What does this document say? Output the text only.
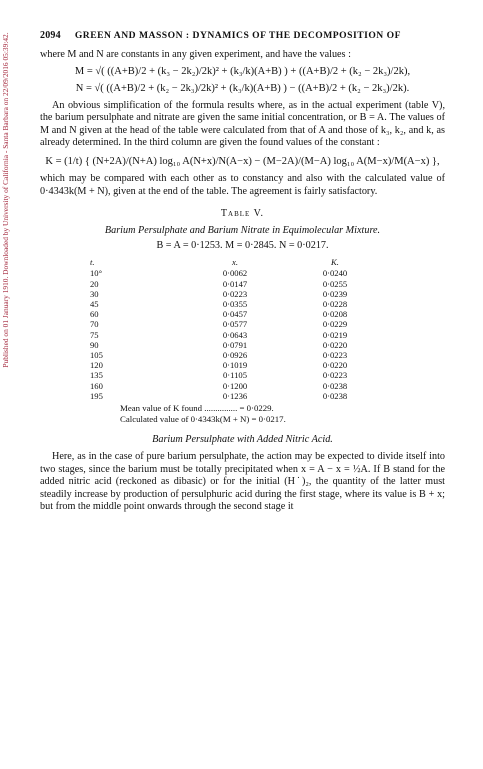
Published on 01 January 1910. Downloaded by University of California - Santa Barbara on 22/09/2016 05:39:42.	2094 GREEN AND MASSON : DYNAMICS OF THE DECOMPOSITION OF

where M and N are constants in any given experiment, and have the values :

M = √( ((A+B)/2 + (k₃ − 2k₂)/2k)² + (k₃/k)(A+B) ) + ((A+B)/2 + (k₂ − 2k₃)/2k),
N = √( ((A+B)/2 + (k₂ − 2k₃)/2k)² + (k₃/k)(A+B) ) − ((A+B)/2 + (k₂ − 2k₃)/2k).

An obvious simplification of the formula results where, as in the actual experiment (table V), the barium persulphate and nitrate are given the same initial concentration, or B = A. The values of M and N given at the head of the table were calculated from that of A and those of k₃, k₂, and k, as already determined. In the third column are given the found values of the constant :

K = (1/t) { (N+2A)/(N+A) log₁₀ A(N+x)/N(A−x) − (M−2A)/(M−A) log₁₀ A(M−x)/M(A−x) },

which may be compared with each other as to constancy and also with the calculated value of 0·4343k(M + N), given at the end of the table. The agreement is fairly satisfactory.

Table V.
Barium Persulphate and Barium Nitrate in Equimolecular Mixture.
B = A = 0·1253. M = 0·2845. N = 0·0217.
t.	x.	K.
10°	0·0062	0·0240
20	0·0147	0·0255
30	0·0223	0·0239
45	0·0355	0·0228
60	0·0457	0·0208
70	0·0577	0·0229
75	0·0643	0·0219
90	0·0791	0·0220
105	0·0926	0·0223
120	0·1019	0·0220
135	0·1105	0·0223
160	0·1200	0·0238
195	0·1236	0·0238
Mean value of K found ............... = 0·0229.
Calculated value of 0·4343k(M + N) = 0·0217.
Barium Persulphate with Added Nitric Acid.

Here, as in the case of pure barium persulphate, the action may be expected to divide itself into two stages, since the barium must be totally precipitated when x = A − x = ½A. If B stand for the added nitric acid (reckoned as dibasic) or for the initial (H˙)₂, the quantity of the latter must steadily increase by production of persulphuric acid during the first stage, where its value is B + x; but from the middle point onwards through the second stage it
